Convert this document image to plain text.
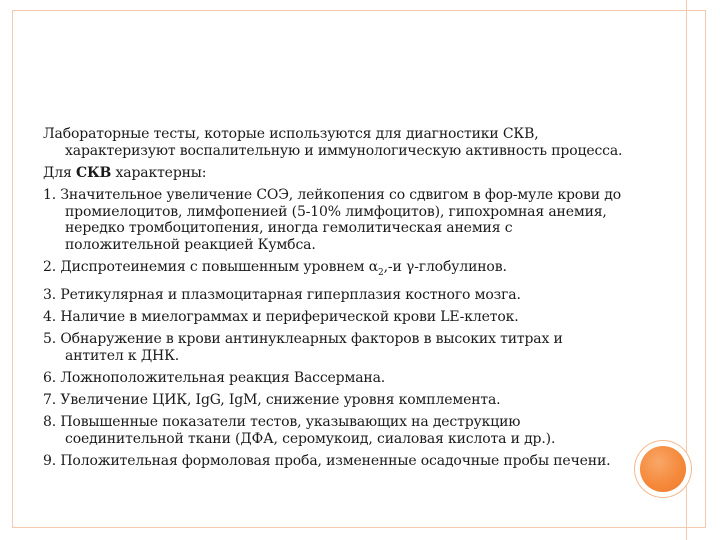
Лабораторные тесты, которые используются для диагностики СКВ, характеризуют воспалительную и иммунологическую активность процесса.

Для СКВ характерны:

1. Значительное увеличение СОЭ, лейкопения со сдвигом в фор-муле крови до промиелоцитов, лимфопенией (5-10% лимфоцитов), гипохромная анемия, нередко тромбоцитопения, иногда гемолитическая анемия с положительной реакцией Кумбса.

2. Диспротеинемия с повышенным уровнем $\alpha_2,-и$ γ-глобулинов.

3. Ретикулярная и плазмоцитарная гиперплазия костного мозга.

4. Наличие в миелограммах и периферической крови LE-клеток.

5. Обнаружение в крови антинуклеарных факторов в высоких титрах и антител к ДНК.

6. Ложноположительная реакция Вассермана.

7. Увеличение ЦИК, IgG, IgM, снижение уровня комплемента.

8. Повышенные показатели тестов, указывающих на деструкцию соединительной ткани (ДФА, серомукоид, сиаловая кислота и др.).

9. Положительная формоловая проба, измененные осадочные пробы печени.
